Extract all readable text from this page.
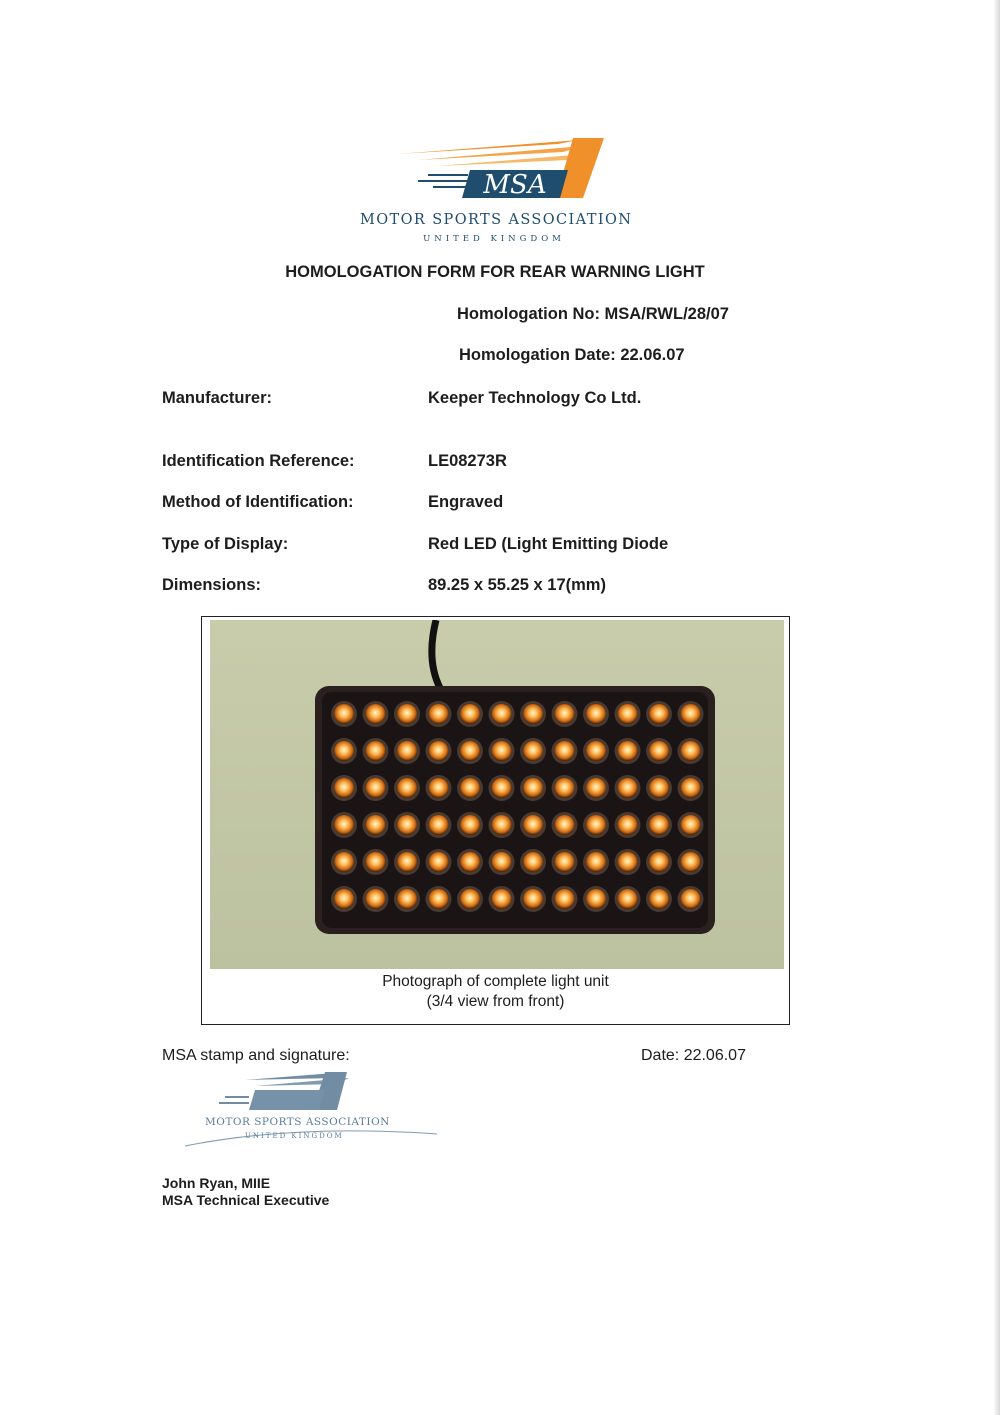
MSA
MOTOR SPORTS ASSOCIATION
UNITED KINGDOM
HOMOLOGATION FORM FOR REAR WARNING LIGHT
Homologation No: MSA/RWL/28/07
Homologation Date: 22.06.07
Manufacturer:	Keeper Technology Co Ltd.
Identification Reference:	LE08273R
Method of Identification:	Engraved
Type of Display:	Red LED (Light Emitting Diode
Dimensions:	89.25 x 55.25 x 17(mm)
Photograph of complete light unit
(3/4 view from front)
MSA stamp and signature:	Date: 22.06.07
MOTOR SPORTS ASSOCIATION
UNITED KINGDOM
John Ryan, MIIE
MSA Technical Executive
